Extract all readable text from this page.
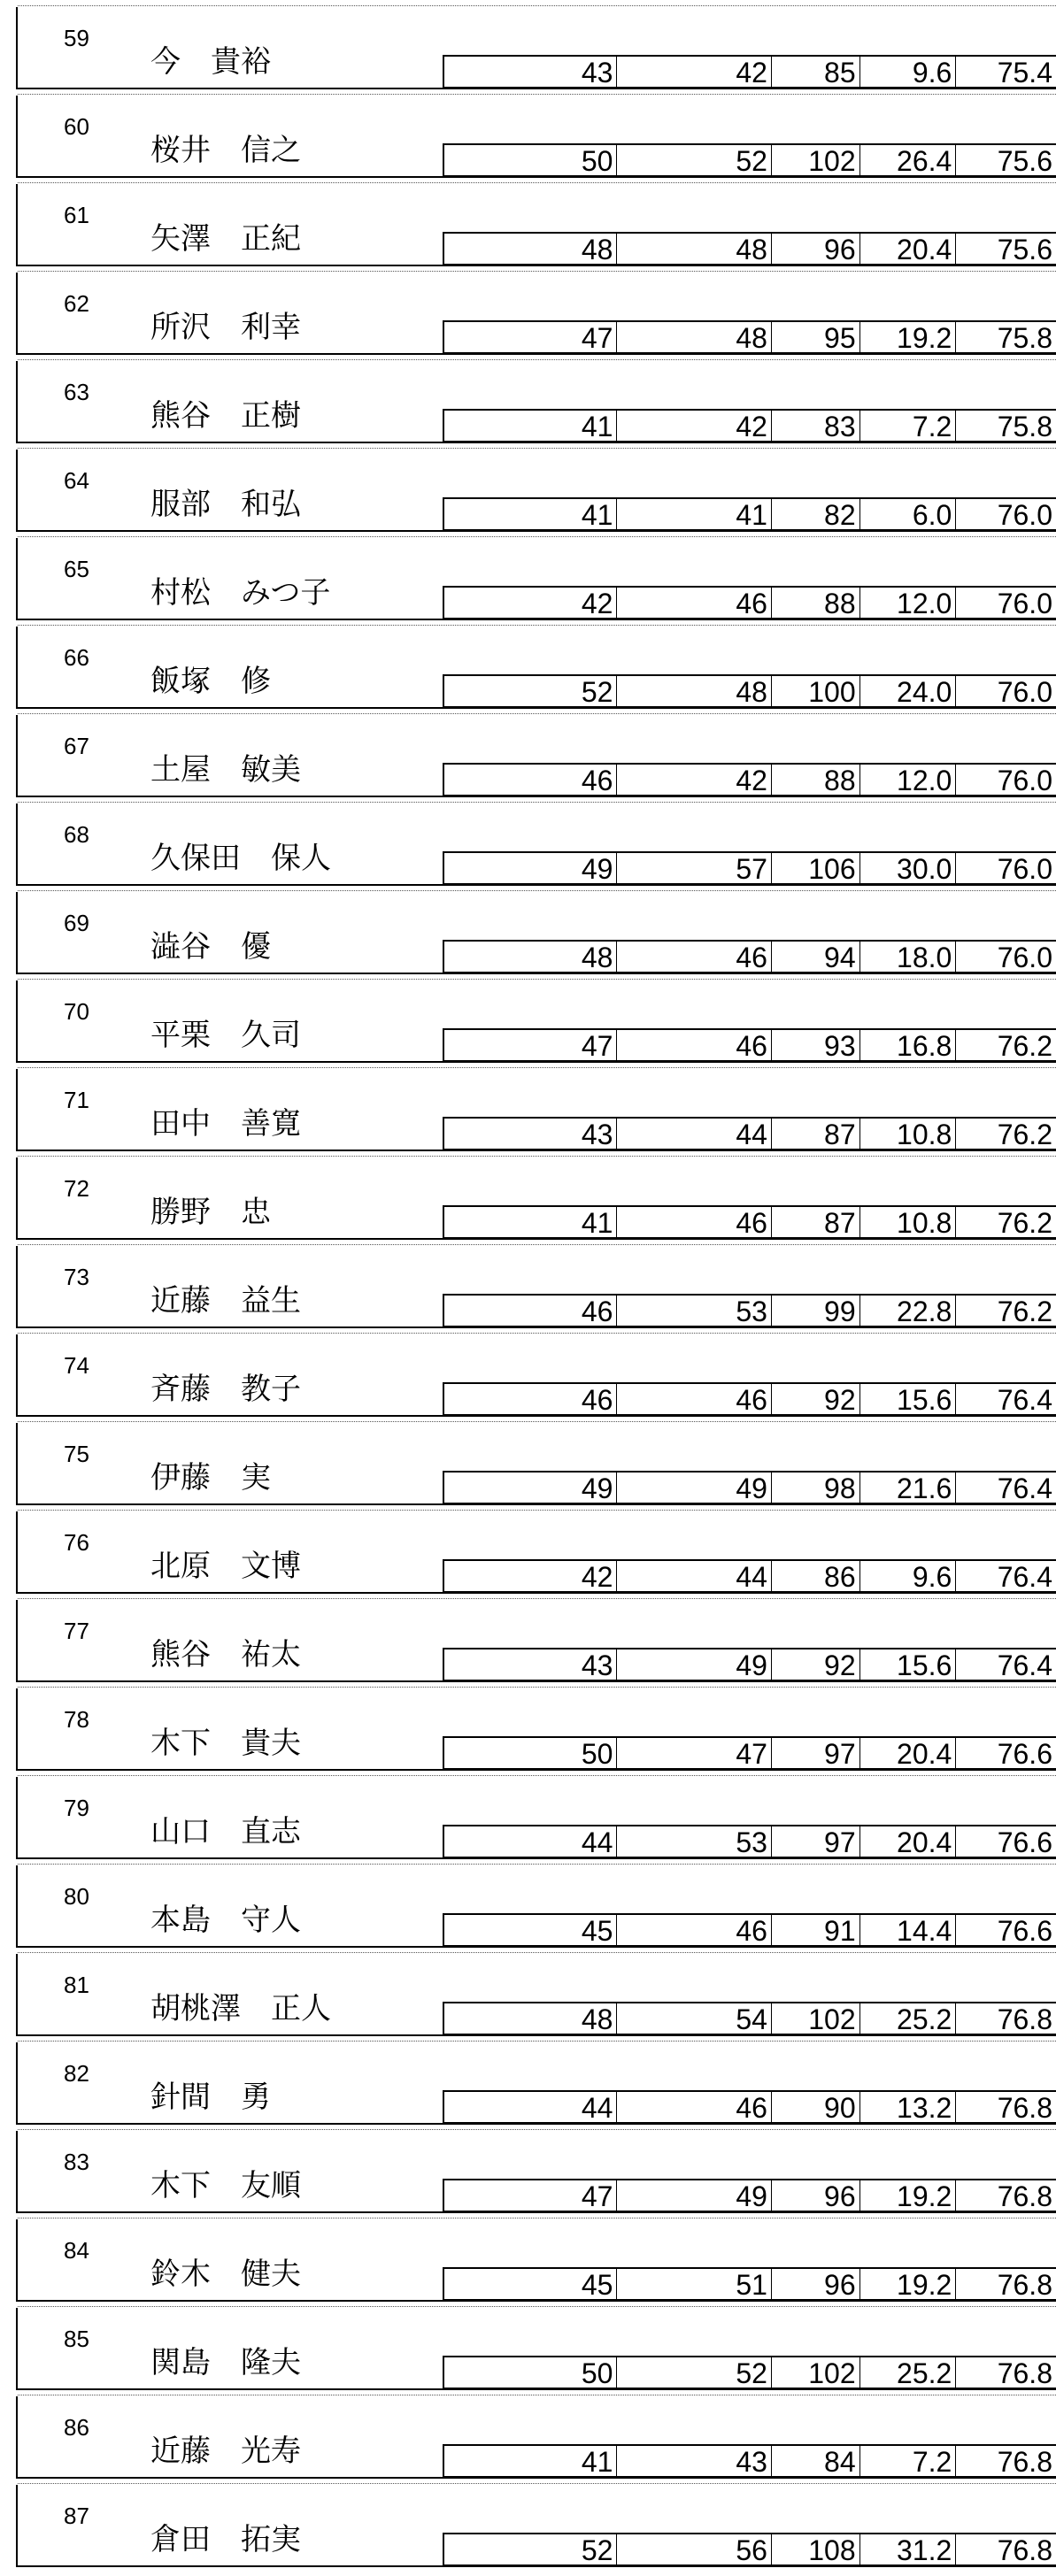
59
今　貴裕	43	42	85	9.6	75.4
60
桜井　信之	50	52	102	26.4	75.6
61
矢澤　正紀	48	48	96	20.4	75.6
62
所沢　利幸	47	48	95	19.2	75.8
63
熊谷　正樹	41	42	83	7.2	75.8
64
服部　和弘	41	41	82	6.0	76.0
65
村松　みつ子	42	46	88	12.0	76.0
66
飯塚　修	52	48	100	24.0	76.0
67
土屋　敏美	46	42	88	12.0	76.0
68
久保田　保人	49	57	106	30.0	76.0
69
澁谷　優	48	46	94	18.0	76.0
70
平栗　久司	47	46	93	16.8	76.2
71
田中　善寛	43	44	87	10.8	76.2
72
勝野　忠	41	46	87	10.8	76.2
73
近藤　益生	46	53	99	22.8	76.2
74
斉藤　教子	46	46	92	15.6	76.4
75
伊藤　実	49	49	98	21.6	76.4
76
北原　文博	42	44	86	9.6	76.4
77
熊谷　祐太	43	49	92	15.6	76.4
78
木下　貴夫	50	47	97	20.4	76.6
79
山口　直志	44	53	97	20.4	76.6
80
本島　守人	45	46	91	14.4	76.6
81
胡桃澤　正人	48	54	102	25.2	76.8
82
針間　勇	44	46	90	13.2	76.8
83
木下　友順	47	49	96	19.2	76.8
84
鈴木　健夫	45	51	96	19.2	76.8
85
関島　隆夫	50	52	102	25.2	76.8
86
近藤　光寿	41	43	84	7.2	76.8
87
倉田　拓実	52	56	108	31.2	76.8
